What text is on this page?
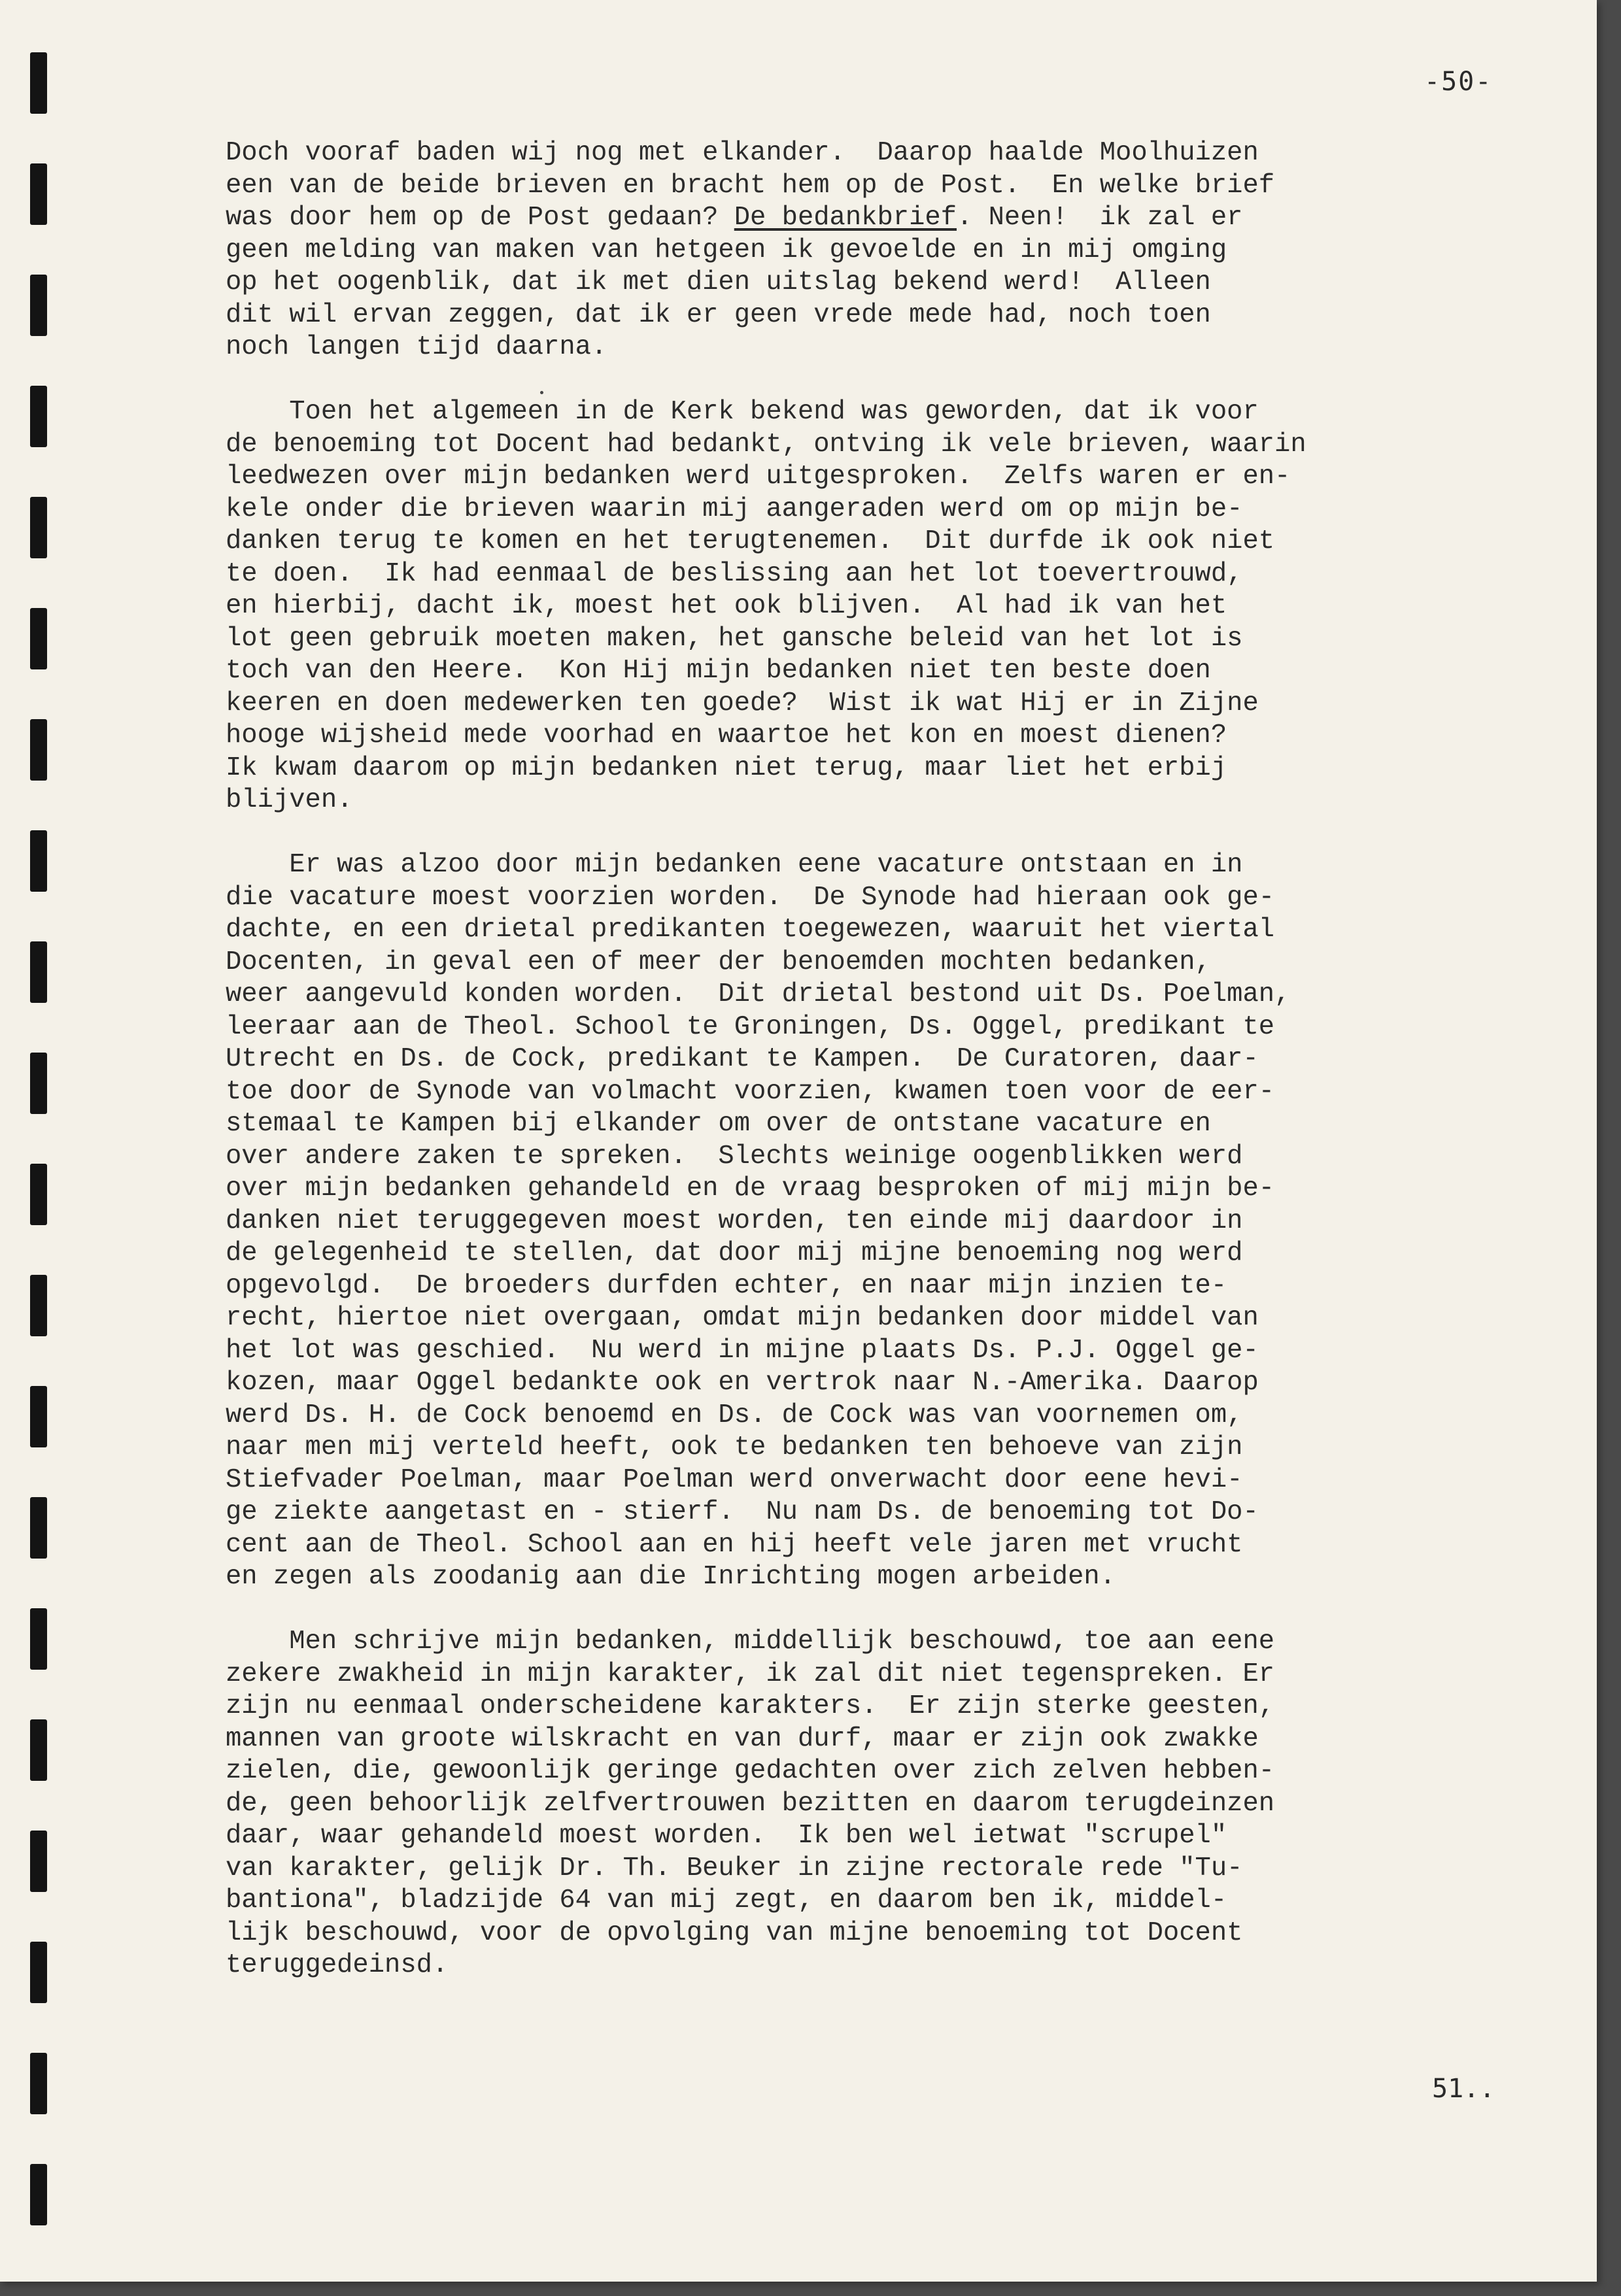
-50-
Doch vooraf baden wij nog met elkander.  Daarop haalde Moolhuizen
een van de beide brieven en bracht hem op de Post.  En welke brief
was door hem op de Post gedaan? De bedankbrief. Neen!  ik zal er
geen melding van maken van hetgeen ik gevoelde en in mij omging
op het oogenblik, dat ik met dien uitslag bekend werd!  Alleen
dit wil ervan zeggen, dat ik er geen vrede mede had, noch toen
noch langen tijd daarna.
Toen het algemeen in de Kerk bekend was geworden, dat ik voor
de benoeming tot Docent had bedankt, ontving ik vele brieven, waarin
leedwezen over mijn bedanken werd uitgesproken.  Zelfs waren er en-
kele onder die brieven waarin mij aangeraden werd om op mijn be-
danken terug te komen en het terugtenemen.  Dit durfde ik ook niet
te doen.  Ik had eenmaal de beslissing aan het lot toevertrouwd,
en hierbij, dacht ik, moest het ook blijven.  Al had ik van het
lot geen gebruik moeten maken, het gansche beleid van het lot is
toch van den Heere.  Kon Hij mijn bedanken niet ten beste doen
keeren en doen medewerken ten goede?  Wist ik wat Hij er in Zijne
hooge wijsheid mede voorhad en waartoe het kon en moest dienen?
Ik kwam daarom op mijn bedanken niet terug, maar liet het erbij
blijven.
Er was alzoo door mijn bedanken eene vacature ontstaan en in
die vacature moest voorzien worden.  De Synode had hieraan ook ge-
dachte, en een drietal predikanten toegewezen, waaruit het viertal
Docenten, in geval een of meer der benoemden mochten bedanken,
weer aangevuld konden worden.  Dit drietal bestond uit Ds. Poelman,
leeraar aan de Theol. School te Groningen, Ds. Oggel, predikant te
Utrecht en Ds. de Cock, predikant te Kampen.  De Curatoren, daar-
toe door de Synode van volmacht voorzien, kwamen toen voor de eer-
stemaal te Kampen bij elkander om over de ontstane vacature en
over andere zaken te spreken.  Slechts weinige oogenblikken werd
over mijn bedanken gehandeld en de vraag besproken of mij mijn be-
danken niet teruggegeven moest worden, ten einde mij daardoor in
de gelegenheid te stellen, dat door mij mijne benoeming nog werd
opgevolgd.  De broeders durfden echter, en naar mijn inzien te-
recht, hiertoe niet overgaan, omdat mijn bedanken door middel van
het lot was geschied.  Nu werd in mijne plaats Ds. P.J. Oggel ge-
kozen, maar Oggel bedankte ook en vertrok naar N.-Amerika. Daarop
werd Ds. H. de Cock benoemd en Ds. de Cock was van voornemen om,
naar men mij verteld heeft, ook te bedanken ten behoeve van zijn
Stiefvader Poelman, maar Poelman werd onverwacht door eene hevi-
ge ziekte aangetast en - stierf.  Nu nam Ds. de benoeming tot Do-
cent aan de Theol. School aan en hij heeft vele jaren met vrucht
en zegen als zoodanig aan die Inrichting mogen arbeiden.
Men schrijve mijn bedanken, middellijk beschouwd, toe aan eene
zekere zwakheid in mijn karakter, ik zal dit niet tegenspreken. Er
zijn nu eenmaal onderscheidene karakters.  Er zijn sterke geesten,
mannen van groote wilskracht en van durf, maar er zijn ook zwakke
zielen, die, gewoonlijk geringe gedachten over zich zelven hebben-
de, geen behoorlijk zelfvertrouwen bezitten en daarom terugdeinzen
daar, waar gehandeld moest worden.  Ik ben wel ietwat "scrupel"
van karakter, gelijk Dr. Th. Beuker in zijne rectorale rede "Tu-
bantiona", bladzijde 64 van mij zegt, en daarom ben ik, middel-
lijk beschouwd, voor de opvolging van mijne benoeming tot Docent
teruggedeinsd.
51..
